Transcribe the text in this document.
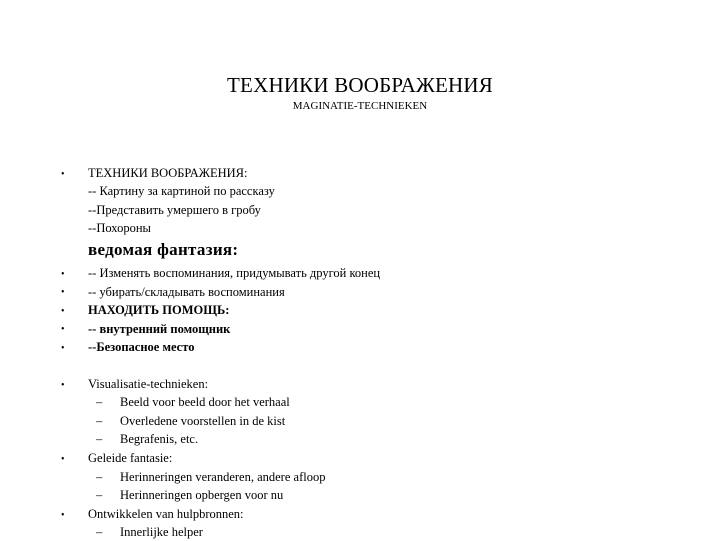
ТЕХНИКИ ВООБРАЖЕНИЯ
MAGINATIE-TECHNIEKEN
• ТЕХНИКИ ВООБРАЖЕНИЯ:
-- Картину за картиной по рассказу
--Представить умершего в гробу
--Похороны
ведомая фантазия:
• -- Изменять воспоминания, придумывать другой конец
• -- убирать/складывать воспоминания
• НАХОДИТЬ ПОМОЩЬ:
• -- внутренний помощник
• --Безопасное место
• Visualisatie-technieken:
– Beeld voor beeld door het verhaal
– Overledene voorstellen in de kist
– Begrafenis, etc.
• Geleide fantasie:
– Herinneringen veranderen, andere afloop
– Herinneringen opbergen voor nu
• Ontwikkelen van hulpbronnen:
– Innerlijke helper
